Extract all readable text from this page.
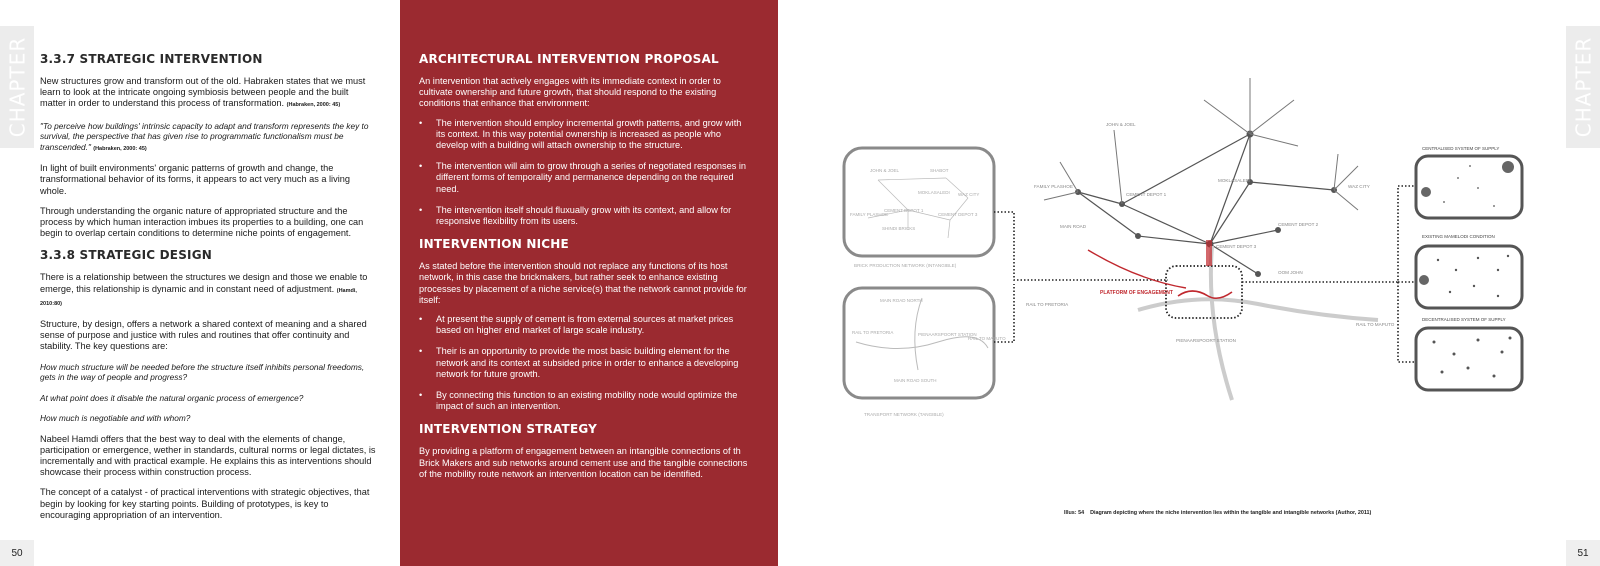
CHAPTER 3.3.7 STRATEGIC INTERVENTION

New structures grow and transform out of the old. Habraken states that we must learn to look at the intricate ongoing symbiosis between people and the built matter in order to understand this process of transformation. (Habraken, 2000: 45)

"To perceive how buildings' intrinsic capacity to adapt and transform represents the key to survival, the perspective that has given rise to programmatic functionalism must be transcended." (Habraken, 2000: 45)

In light of built environments' organic patterns of growth and change, the transformational behavior of its forms, it appears to act very much as a living whole.

Through understanding the organic nature of appropriated structure and the process by which human interaction imbues its properties to a building, one can begin to overlap certain conditions to determine niche points of engagement.

3.3.8 STRATEGIC DESIGN

There is a relationship between the structures we design and those we enable to emerge, this relationship is dynamic and in constant need of adjustment. (Hamdi, 2010:80)

Structure, by design, offers a network a shared context of meaning and a shared sense of purpose and justice with rules and routines that offer continuity and stability. The key questions are:

How much structure will be needed before the structure itself inhibits personal freedoms, gets in the way of people and progress?

At what point does it disable the natural organic process of emergence?

How much is negotiable and with whom?

Nabeel Hamdi offers that the best way to deal with the elements of change, participation or emergence, wether in standards, cultural norms or legal dictates, is incrementally and with practical example. He explains this as interventions should showcase their process within construction process.

The concept of a catalyst - of practical interventions with strategic objectives, that begin by looking for key starting points. Building of prototypes, is key to encouraging appropriation of an intervention.

50
ARCHITECTURAL INTERVENTION PROPOSAL

An intervention that actively engages with its immediate context in order to cultivate ownership and future growth, that should respond to the existing conditions that enhance that environment:

• The intervention should employ incremental growth patterns, and grow with its context. In this way potential ownership is increased as people who develop with a building will attach ownership to the structure.
• The intervention will aim to grow through a series of negotiated responses in different forms of temporality and permanence depending on the required need.
• The intervention itself should fluxually grow with its context, and allow for responsive flexibility from its users.
INTERVENTION NICHE

As stated before the intervention should not replace any functions of its host network, in this case the brickmakers, but rather seek to enhance existing processes by placement of a niche service(s) that the network cannot provide for itself:

• At present the supply of cement is from external sources at market prices based on higher end market of large scale industry.
• Their is an opportunity to provide the most basic building element for the network and its context at subsided price in order to enhance a developing network for future growth.
• By connecting this function to an existing mobility node would optimize the impact of such an intervention.
INTERVENTION STRATEGY

By providing a platform of engagement between an intangible connections of th Brick Makers and sub networks around cement use and the tangible connections of the mobility route network an intervention location can be identified.

CHAPTER
JOHN & JOEL	SHABOT
MOKLASALEDI WAZ CITY
CEMENT DEPOT 1
CEMENT DEPOT 3
FAMILY PLASHOE
SHINDI BRICKS
BRICK PRODUCTION NETWORK (INTANGIBLE)
RAIL TO PRETORIA	PIENAARSPOORT STATION
RAIL TO MAPUTO
MAIN ROAD SOUTH
MAIN ROAD NORTH
TRANSPORT NETWORK (TANGIBLE)
JOHN & JOEL
CEMENT DEPOT 1
MOKLASALEDI
WAZ CITY
CEMENT DEPOT 2
CEMENT DEPOT 3
FAMILY PLASHOE
MAIN ROAD
OOM JOHN
RAIL TO PRETORIA
PIENAARSPOORT STATION
RAIL TO MAPUTO
PLATFORM OF ENGAGEMENT
CENTRALISED SYSTEM OF SUPPLY
EXISTING MAMELODI CONDITION
DECENTRALISED SYSTEM OF SUPPLY
Illus: 54 Diagram depicting where the niche intervention lies within the tangible and intangible networks (Author, 2011)
51
